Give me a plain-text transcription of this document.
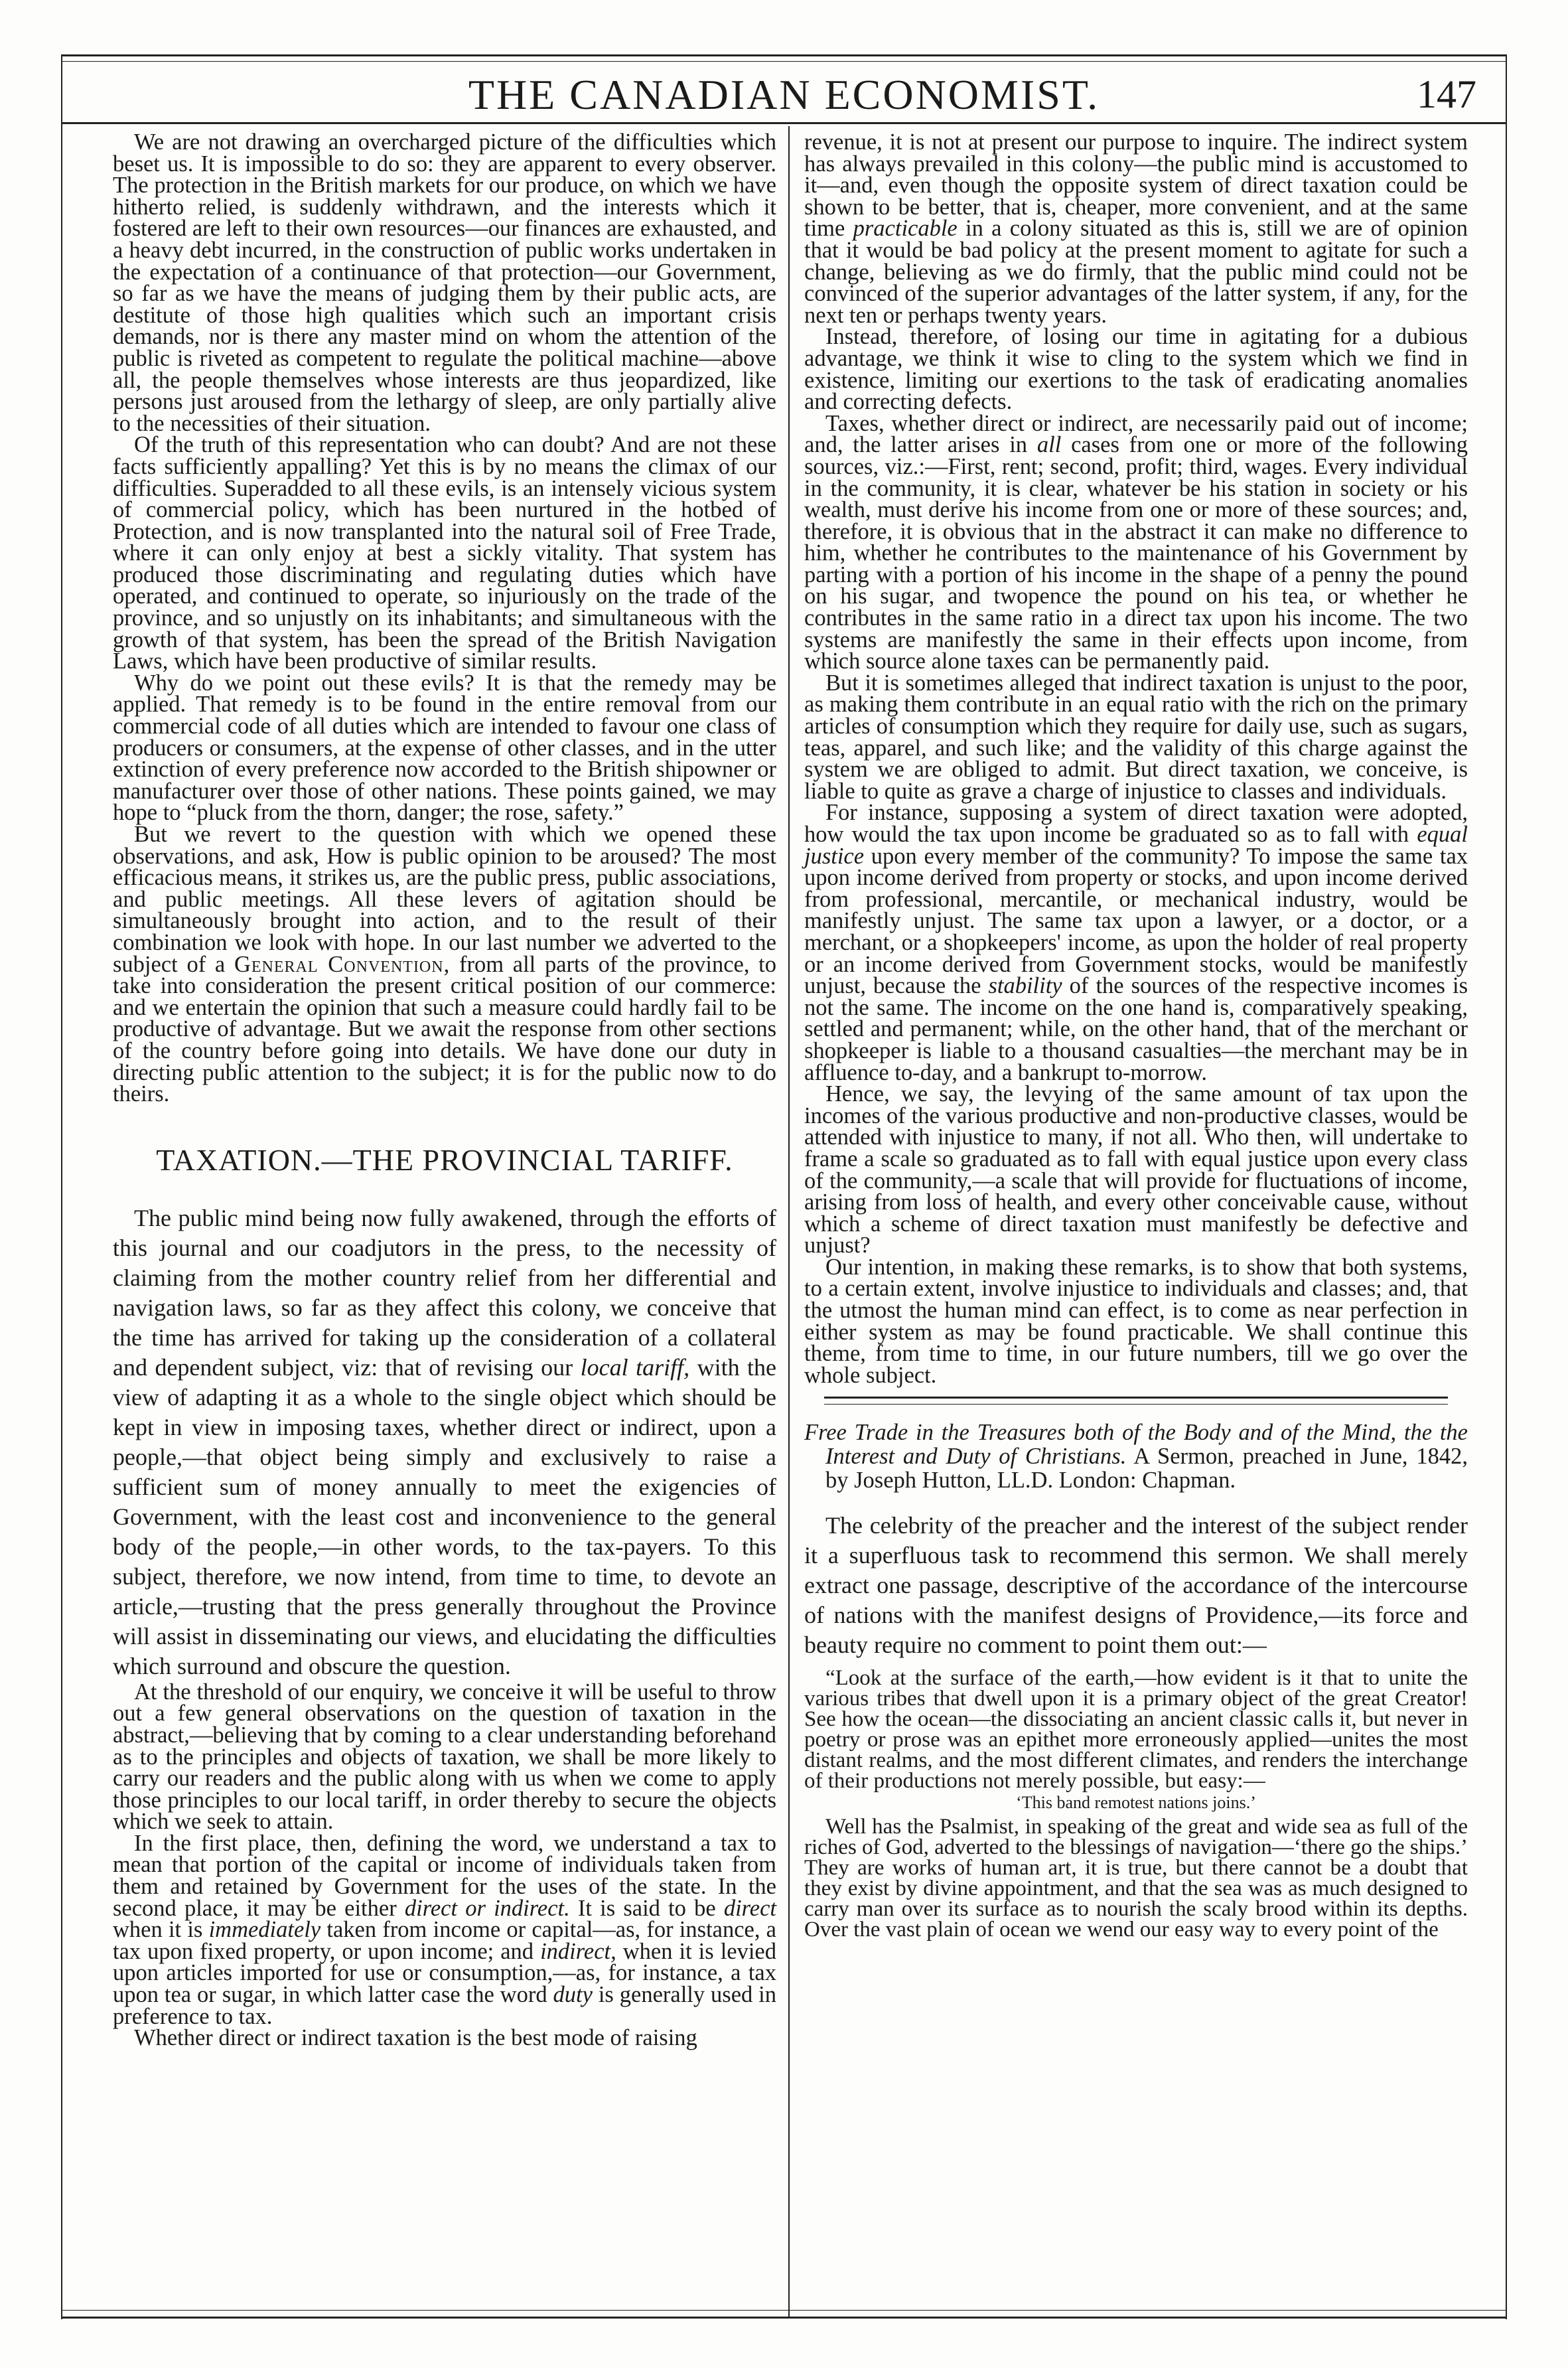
THE CANADIAN ECONOMIST.	147

We are not drawing an overcharged picture of the difficulties which beset us. It is impossible to do so: they are apparent to every observer. The protection in the British markets for our produce, on which we have hitherto relied, is suddenly withdrawn, and the interests which it fostered are left to their own resources—our finances are exhausted, and a heavy debt incurred, in the construction of public works undertaken in the expectation of a continuance of that protection—our Government, so far as we have the means of judging them by their public acts, are destitute of those high qualities which such an important crisis demands, nor is there any master mind on whom the attention of the public is riveted as competent to regulate the political machine—above all, the people themselves whose interests are thus jeopardized, like persons just aroused from the lethargy of sleep, are only partially alive to the necessities of their situation.

Of the truth of this representation who can doubt? And are not these facts sufficiently appalling? Yet this is by no means the climax of our difficulties. Superadded to all these evils, is an intensely vicious system of commercial policy, which has been nurtured in the hotbed of Protection, and is now transplanted into the natural soil of Free Trade, where it can only enjoy at best a sickly vitality. That system has produced those discriminating and regulating duties which have operated, and continued to operate, so injuriously on the trade of the province, and so unjustly on its inhabitants; and simultaneous with the growth of that system, has been the spread of the British Navigation Laws, which have been productive of similar results.

Why do we point out these evils? It is that the remedy may be applied. That remedy is to be found in the entire removal from our commercial code of all duties which are intended to favour one class of producers or consumers, at the expense of other classes, and in the utter extinction of every preference now accorded to the British shipowner or manufacturer over those of other nations. These points gained, we may hope to “pluck from the thorn, danger; the rose, safety.”

But we revert to the question with which we opened these observations, and ask, How is public opinion to be aroused? The most efficacious means, it strikes us, are the public press, public associations, and public meetings. All these levers of agitation should be simultaneously brought into action, and to the result of their combination we look with hope. In our last number we adverted to the subject of a General Convention, from all parts of the province, to take into consideration the present critical position of our commerce: and we entertain the opinion that such a measure could hardly fail to be productive of advantage. But we await the response from other sections of the country before going into details. We have done our duty in directing public attention to the subject; it is for the public now to do theirs.

TAXATION.—THE PROVINCIAL TARIFF.

The public mind being now fully awakened, through the efforts of this journal and our coadjutors in the press, to the necessity of claiming from the mother country relief from her differential and navigation laws, so far as they affect this colony, we conceive that the time has arrived for taking up the consideration of a collateral and dependent subject, viz: that of revising our local tariff, with the view of adapting it as a whole to the single object which should be kept in view in imposing taxes, whether direct or indirect, upon a people,—that object being simply and exclusively to raise a sufficient sum of money annually to meet the exigencies of Government, with the least cost and inconvenience to the general body of the people,—in other words, to the tax-payers. To this subject, therefore, we now intend, from time to time, to devote an article,—trusting that the press generally throughout the Province will assist in disseminating our views, and elucidating the difficulties which surround and obscure the question.

At the threshold of our enquiry, we conceive it will be useful to throw out a few general observations on the question of taxation in the abstract,—believing that by coming to a clear understanding beforehand as to the principles and objects of taxation, we shall be more likely to carry our readers and the public along with us when we come to apply those principles to our local tariff, in order thereby to secure the objects which we seek to attain.

In the first place, then, defining the word, we understand a tax to mean that portion of the capital or income of individuals taken from them and retained by Government for the uses of the state. In the second place, it may be either direct or indirect. It is said to be direct when it is immediately taken from income or capital—as, for instance, a tax upon fixed property, or upon income; and indirect, when it is levied upon articles imported for use or consumption,—as, for instance, a tax upon tea or sugar, in which latter case the word duty is generally used in preference to tax.

Whether direct or indirect taxation is the best mode of raising

revenue, it is not at present our purpose to inquire. The indirect system has always prevailed in this colony—the public mind is accustomed to it—and, even though the opposite system of direct taxation could be shown to be better, that is, cheaper, more convenient, and at the same time practicable in a colony situated as this is, still we are of opinion that it would be bad policy at the present moment to agitate for such a change, believing as we do firmly, that the public mind could not be convinced of the superior advantages of the latter system, if any, for the next ten or perhaps twenty years.

Instead, therefore, of losing our time in agitating for a dubious advantage, we think it wise to cling to the system which we find in existence, limiting our exertions to the task of eradicating anomalies and correcting defects.

Taxes, whether direct or indirect, are necessarily paid out of income; and, the latter arises in all cases from one or more of the following sources, viz.:—First, rent; second, profit; third, wages. Every individual in the community, it is clear, whatever be his station in society or his wealth, must derive his income from one or more of these sources; and, therefore, it is obvious that in the abstract it can make no difference to him, whether he contributes to the maintenance of his Government by parting with a portion of his income in the shape of a penny the pound on his sugar, and twopence the pound on his tea, or whether he contributes in the same ratio in a direct tax upon his income. The two systems are manifestly the same in their effects upon income, from which source alone taxes can be permanently paid.

But it is sometimes alleged that indirect taxation is unjust to the poor, as making them contribute in an equal ratio with the rich on the primary articles of consumption which they require for daily use, such as sugars, teas, apparel, and such like; and the validity of this charge against the system we are obliged to admit. But direct taxation, we conceive, is liable to quite as grave a charge of injustice to classes and individuals.

For instance, supposing a system of direct taxation were adopted, how would the tax upon income be graduated so as to fall with equal justice upon every member of the community? To impose the same tax upon income derived from property or stocks, and upon income derived from professional, mercantile, or mechanical industry, would be manifestly unjust. The same tax upon a lawyer, or a doctor, or a merchant, or a shopkeepers' income, as upon the holder of real property or an income derived from Government stocks, would be manifestly unjust, because the stability of the sources of the respective incomes is not the same. The income on the one hand is, comparatively speaking, settled and permanent; while, on the other hand, that of the merchant or shopkeeper is liable to a thousand casualties—the merchant may be in affluence to-day, and a bankrupt to-morrow.

Hence, we say, the levying of the same amount of tax upon the incomes of the various productive and non-productive classes, would be attended with injustice to many, if not all. Who then, will undertake to frame a scale so graduated as to fall with equal justice upon every class of the community,—a scale that will provide for fluctuations of income, arising from loss of health, and every other conceivable cause, without which a scheme of direct taxation must manifestly be defective and unjust?

Our intention, in making these remarks, is to show that both systems, to a certain extent, involve injustice to individuals and classes; and, that the utmost the human mind can effect, is to come as near perfection in either system as may be found practicable. We shall continue this theme, from time to time, in our future numbers, till we go over the whole subject.

Free Trade in the Treasures both of the Body and of the Mind, the the Interest and Duty of Christians. A Sermon, preached in June, 1842, by Joseph Hutton, LL.D. London: Chapman.

The celebrity of the preacher and the interest of the subject render it a superfluous task to recommend this sermon. We shall merely extract one passage, descriptive of the accordance of the intercourse of nations with the manifest designs of Providence,—its force and beauty require no comment to point them out:—

“Look at the surface of the earth,—how evident is it that to unite the various tribes that dwell upon it is a primary object of the great Creator! See how the ocean—the dissociating an ancient classic calls it, but never in poetry or prose was an epithet more erroneously applied—unites the most distant realms, and the most different climates, and renders the interchange of their productions not merely possible, but easy:—

‘This band remotest nations joins.’

Well has the Psalmist, in speaking of the great and wide sea as full of the riches of God, adverted to the blessings of navigation—‘there go the ships.’ They are works of human art, it is true, but there cannot be a doubt that they exist by divine appointment, and that the sea was as much designed to carry man over its surface as to nourish the scaly brood within its depths. Over the vast plain of ocean we wend our easy way to every point of the
